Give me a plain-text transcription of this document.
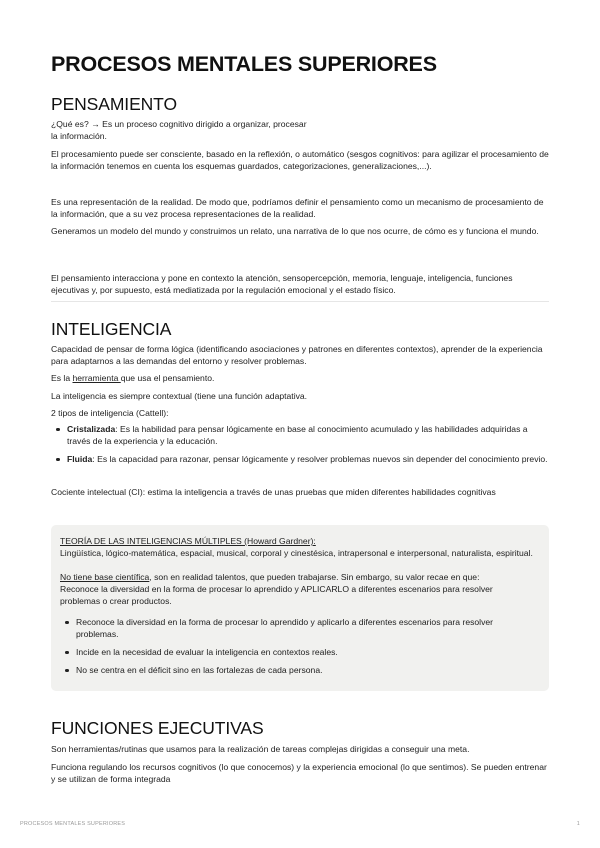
PROCESOS MENTALES SUPERIORES
PENSAMIENTO
¿Qué es? → Es un proceso cognitivo dirigido a organizar, procesar
la información.
El procesamiento puede ser consciente, basado en la reflexión, o automático (sesgos cognitivos: para agilizar el procesamiento de la información tenemos en cuenta los esquemas guardados, categorizaciones, generalizaciones,...).
Es una representación de la realidad. De modo que, podríamos definir el pensamiento como un mecanismo de procesamiento de la información, que a su vez procesa representaciones de la realidad.
Generamos un modelo del mundo y construimos un relato, una narrativa de lo que nos ocurre, de cómo es y funciona el mundo.
El pensamiento interacciona y pone en contexto la atención, sensopercepción, memoria, lenguaje, inteligencia, funciones ejecutivas y, por supuesto, está mediatizada por la regulación emocional y el estado físico.
INTELIGENCIA
Capacidad de pensar de forma lógica (identificando asociaciones y patrones en diferentes contextos), aprender de la experiencia para adaptarnos a las demandas del entorno y resolver problemas.
Es la herramienta que usa el pensamiento.
La inteligencia es siempre contextual (tiene una función adaptativa.
2 tipos de inteligencia (Cattell):
Cristalizada: Es la habilidad para pensar lógicamente en base al conocimiento acumulado y las habilidades adquiridas a través de la experiencia y la educación.
Fluida: Es la capacidad para razonar, pensar lógicamente y resolver problemas nuevos sin depender del conocimiento previo.
Cociente intelectual (CI): estima la inteligencia a través de unas pruebas que miden diferentes habilidades cognitivas
TEORÍA DE LAS INTELIGENCIAS MÚLTIPLES (Howard Gardner):
Lingüística, lógico-matemática, espacial, musical, corporal y cinestésica, intrapersonal e interpersonal, naturalista, espiritual.
No tiene base científica, son en realidad talentos, que pueden trabajarse. Sin embargo, su valor recae en que:
Reconoce la diversidad en la forma de procesar lo aprendido y APLICARLO a diferentes escenarios para resolver problemas o crear productos.
Reconoce la diversidad en la forma de procesar lo aprendido y aplicarlo a diferentes escenarios para resolver problemas.
Incide en la necesidad de evaluar la inteligencia en contextos reales.
No se centra en el déficit sino en las fortalezas de cada persona.
FUNCIONES EJECUTIVAS
Son herramientas/rutinas que usamos para la realización de tareas complejas dirigidas a conseguir una meta.
Funciona regulando los recursos cognitivos (lo que conocemos) y la experiencia emocional (lo que sentimos). Se pueden entrenar y se utilizan de forma integrada
PROCESOS MENTALES SUPERIORES	1
